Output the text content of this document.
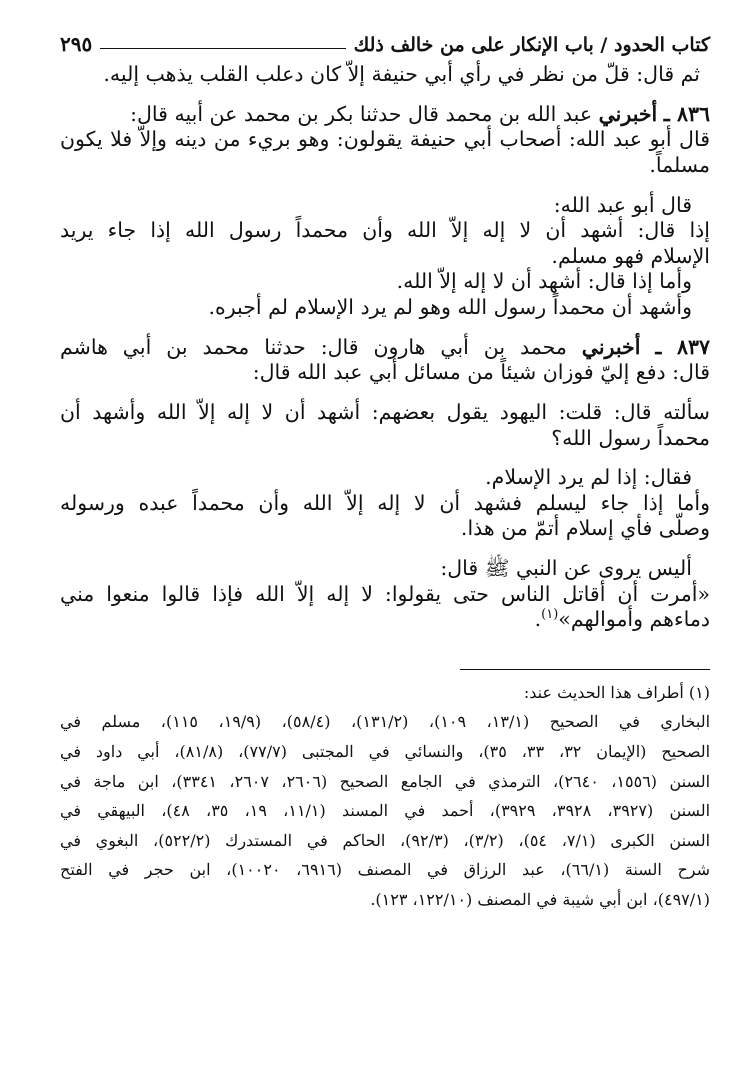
كتاب الحدود / باب الإنكار على من خالف ذلك
٢٩٥
ثم قال: قلّ من نظر في رأي أبي حنيفة إلاّ كان دعلب القلب يذهب إليه.
٨٣٦ ـ أخبرني عبد الله بن محمد قال حدثنا بكر بن محمد عن أبيه قال:
قال أبو عبد الله: أصحاب أبي حنيفة يقولون: وهو بريء من دينه وإلاّ فلا يكون
مسلماً.
قال أبو عبد الله:
إذا قال: أشهد أن لا إله إلاّ الله وأن محمداً رسول الله إذا جاء يريد
الإسلام فهو مسلم.
وأما إذا قال: أشهد أن لا إله إلاّ الله.
وأشهد أن محمداً رسول الله وهو لم يرد الإسلام لم أجبره.
٨٣٧ ـ أخبرني محمد بن أبي هارون قال: حدثنا محمد بن أبي هاشم
قال: دفع إليّ فوزان شيئاً من مسائل أبي عبد الله قال:
سألته قال: قلت: اليهود يقول بعضهم: أشهد أن لا إله إلاّ الله وأشهد أن
محمداً رسول الله؟
فقال: إذا لم يرد الإسلام.
وأما إذا جاء ليسلم فشهد أن لا إله إلاّ الله وأن محمداً عبده ورسوله
وصلّى فأي إسلام أتمّ من هذا.
أليس يروى عن النبي ﷺ قال:
«أمرت أن أقاتل الناس حتى يقولوا: لا إله إلاّ الله فإذا قالوا منعوا مني
دماءهم وأموالهم»$^{(١)}$.
(١) أطراف هذا الحديث عند:
البخاري في الصحيح (١٣/١، ١٠٩)، (١٣١/٢)، (٥٨/٤)، (١٩/٩، ١١٥)، مسلم في
الصحيح (الإيمان ٣٢، ٣٣، ٣٥)، والنسائي في المجتبى (٧٧/٧)، (٨١/٨)، أبي داود في
السنن (١٥٥٦، ٢٦٤٠)، الترمذي في الجامع الصحيح (٢٦٠٦، ٢٦٠٧، ٣٣٤١)، ابن ماجة في
السنن (٣٩٢٧، ٣٩٢٨، ٣٩٢٩)، أحمد في المسند (١١/١، ١٩، ٣٥، ٤٨)، البيهقي في
السنن الكبرى (٧/١، ٥٤)، (٣/٢)، (٩٢/٣)، الحاكم في المستدرك (٥٢٢/٢)، البغوي في
شرح السنة (٦٦/١)، عبد الرزاق في المصنف (٦٩١٦، ١٠٠٢٠)، ابن حجر في الفتح
(٤٩٧/١)، ابن أبي شيبة في المصنف (١٢٢/١٠، ١٢٣).
